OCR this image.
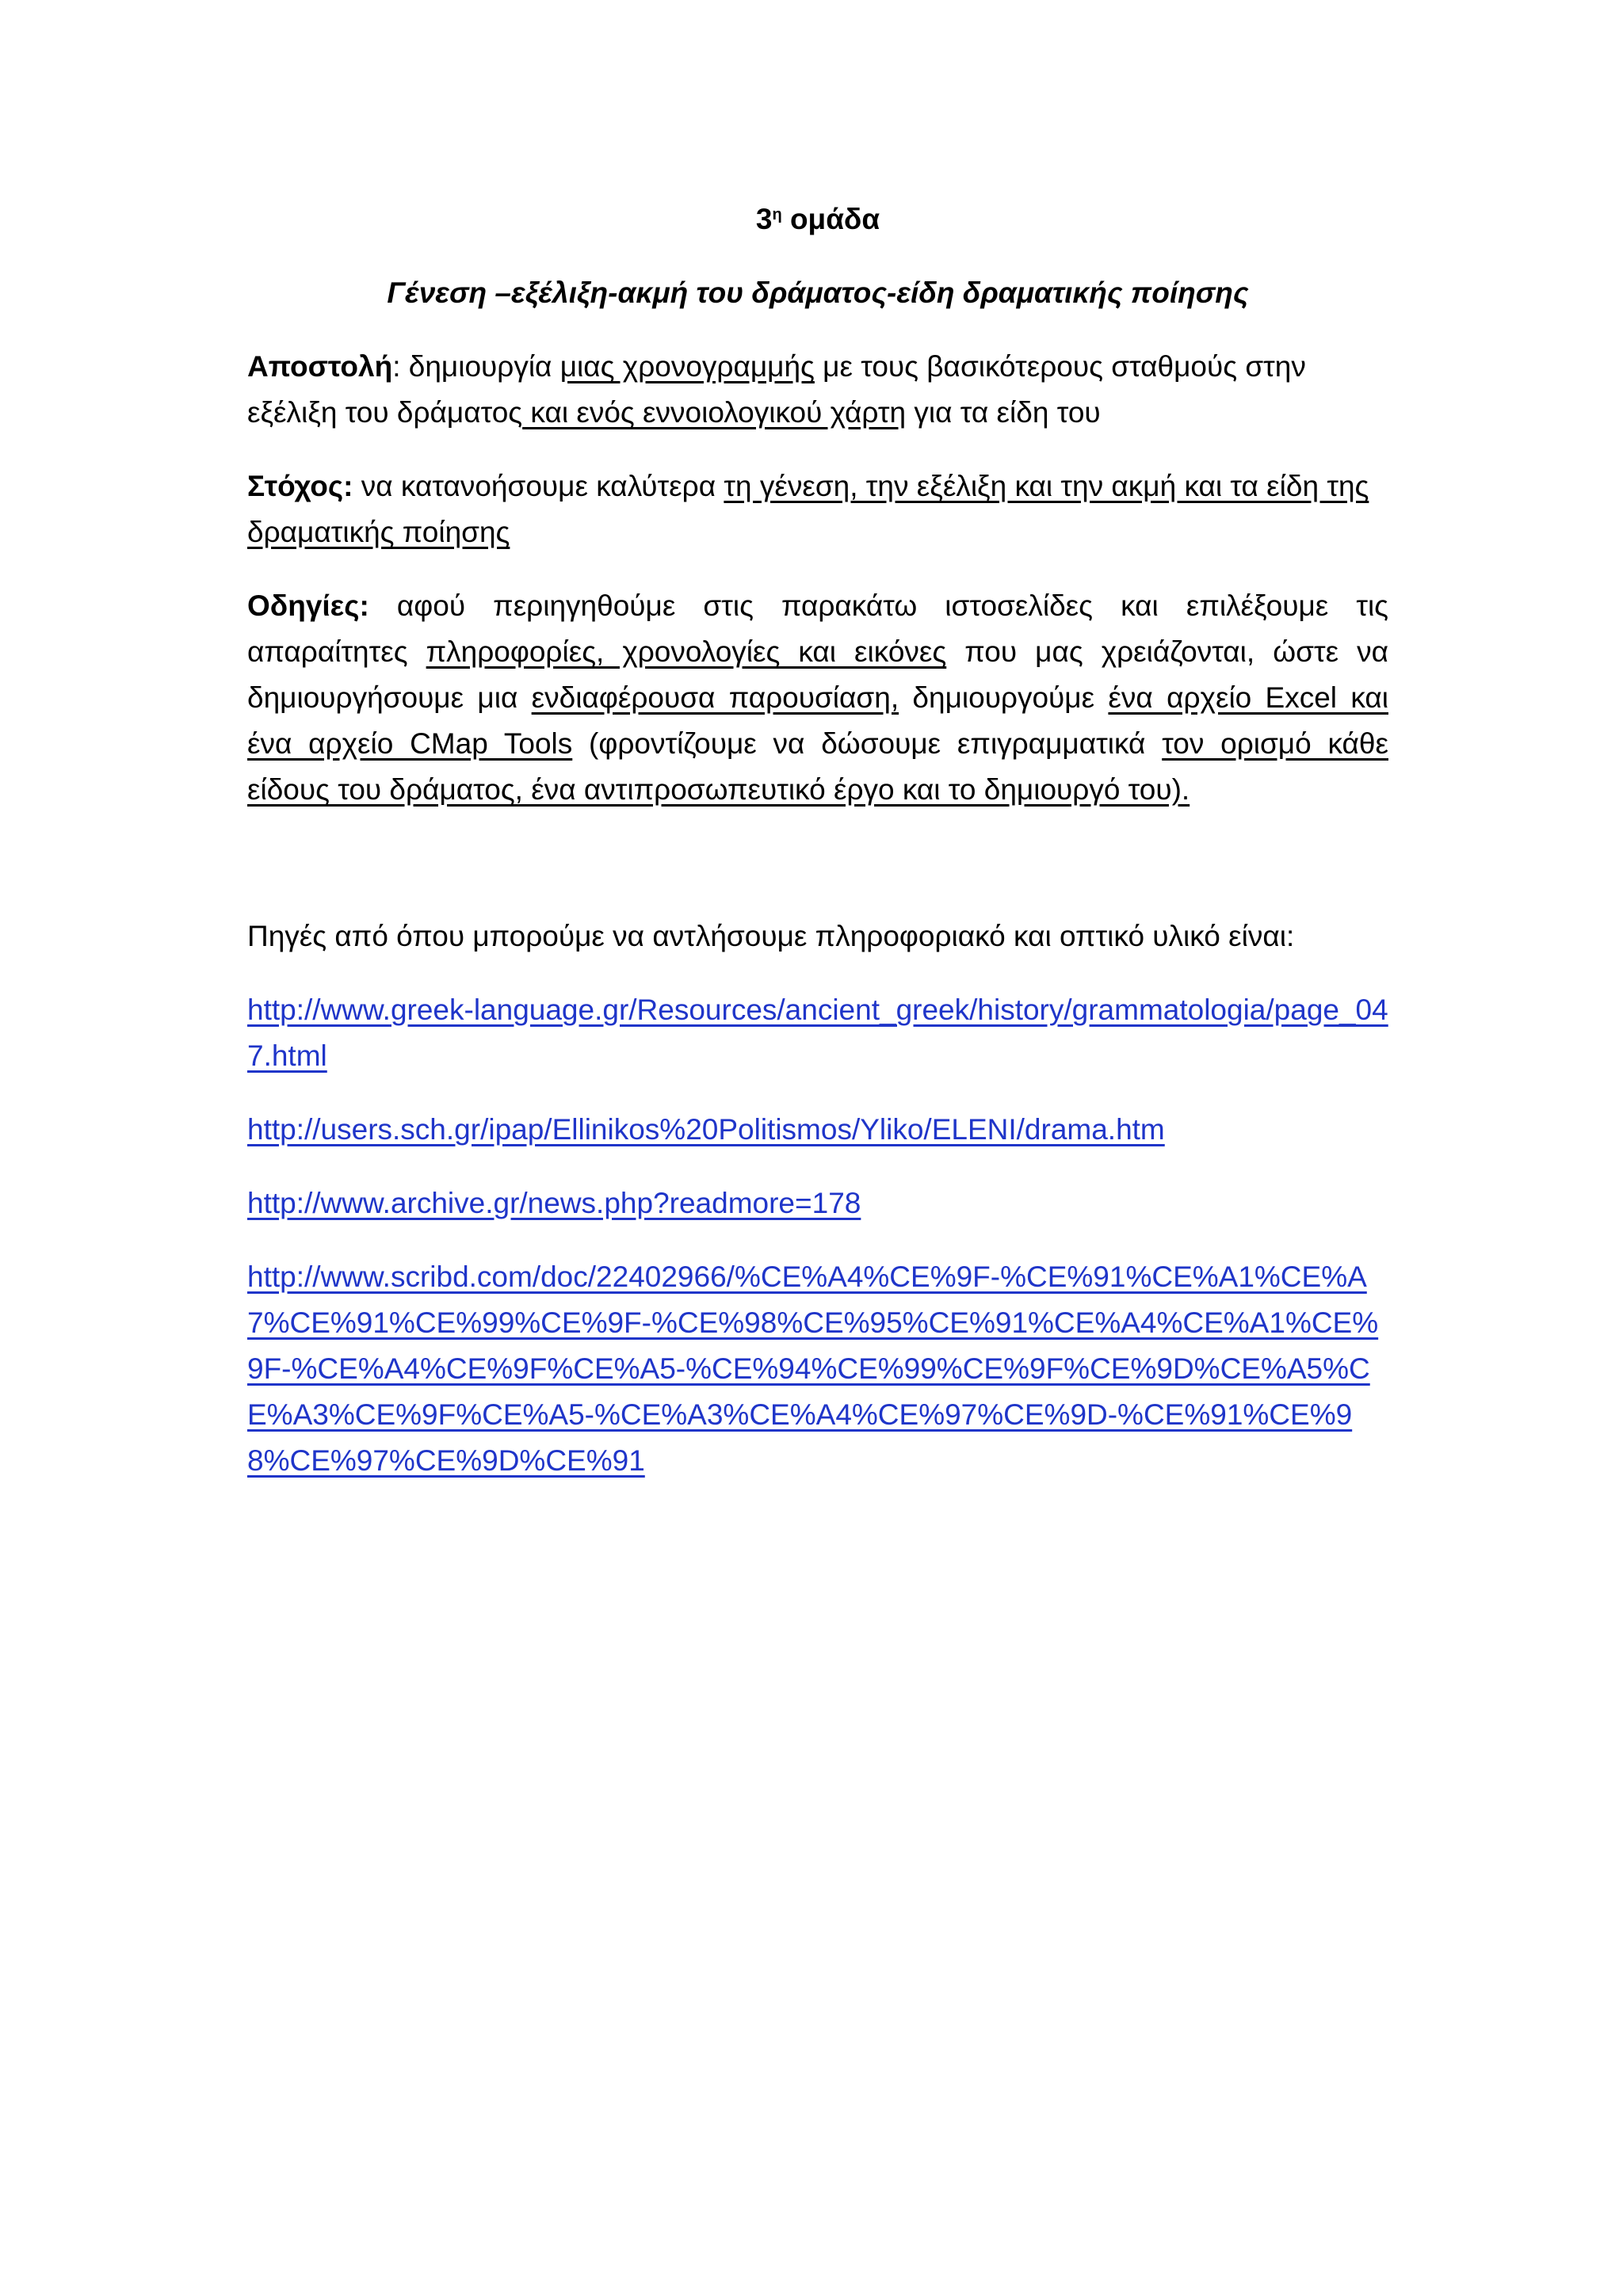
$3^\eta$ ομάδα
Γένεση –εξέλιξη-ακμή του δράματος-είδη δραματικής ποίησης
Αποστολή: δημιουργία μιας χρονογραμμής με τους βασικότερους σταθμούς στην εξέλιξη του δράματος και ενός εννοιολογικού χάρτη για τα είδη του
Στόχος: να κατανοήσουμε καλύτερα τη γένεση, την εξέλιξη και την ακμή και τα είδη της δραματικής ποίησης
Οδηγίες: αφού περιηγηθούμε στις παρακάτω ιστοσελίδες και επιλέξουμε τις απαραίτητες πληροφορίες, χρονολογίες και εικόνες που μας χρειάζονται, ώστε να δημιουργήσουμε μια ενδιαφέρουσα παρουσίαση, δημιουργούμε ένα αρχείο Excel και ένα αρχείο CMap Tools (φροντίζουμε να δώσουμε επιγραμματικά τον ορισμό κάθε είδους του δράματος, ένα αντιπροσωπευτικό έργο και το δημιουργό του).
Πηγές από όπου μπορούμε να αντλήσουμε πληροφοριακό και οπτικό υλικό είναι:
http://www.greek-language.gr/Resources/ancient_greek/history/grammatologia/page_047.html
http://users.sch.gr/ipap/Ellinikos%20Politismos/Yliko/ELENI/drama.htm
http://www.archive.gr/news.php?readmore=178
http://www.scribd.com/doc/22402966/%CE%A4%CE%9F-%CE%91%CE%A1%CE%A7%CE%91%CE%99%CE%9F-%CE%98%CE%95%CE%91%CE%A4%CE%A1%CE%9F-%CE%A4%CE%9F%CE%A5-%CE%94%CE%99%CE%9F%CE%9D%CE%A5%CE%A3%CE%9F%CE%A5-%CE%A3%CE%A4%CE%97%CE%9D-%CE%91%CE%98%CE%97%CE%9D%CE%91
